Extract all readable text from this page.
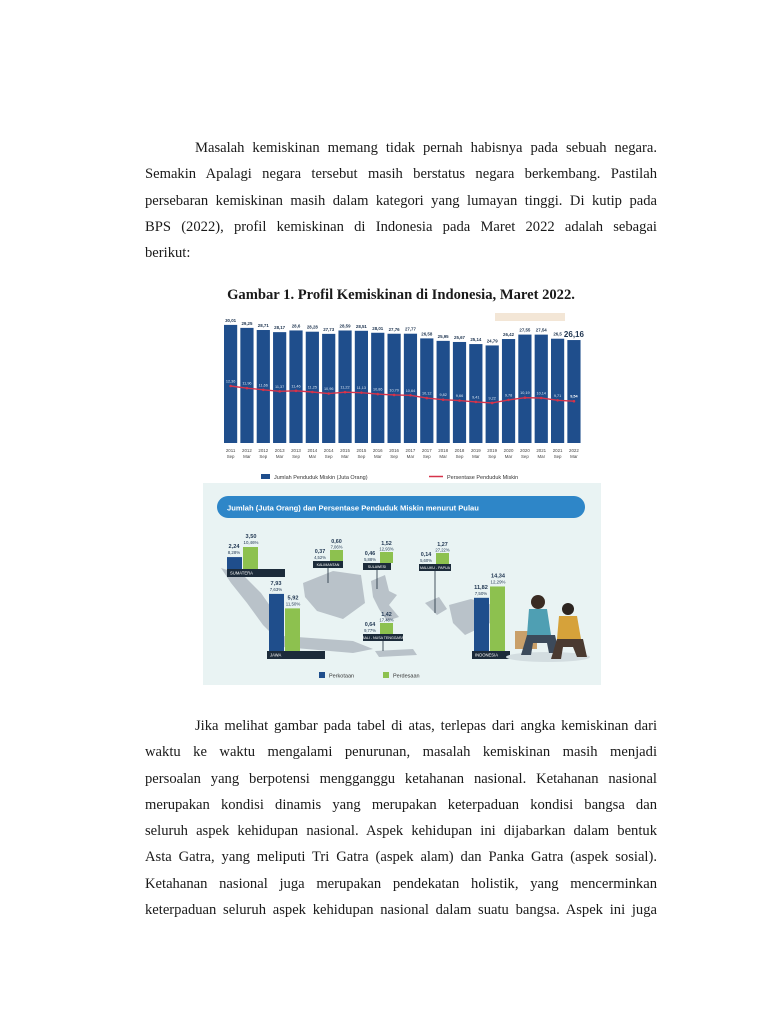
Masalah kemiskinan memang tidak pernah habisnya pada sebuah negara.
Semakin Apalagi negara tersebut masih berstatus negara berkembang. Pastilah
persebaran kemiskinan masih dalam kategori yang lumayan tinggi. Di kutip pada
BPS (2022), profil kemiskinan di Indonesia pada Maret 2022 adalah sebagai
berikut:

Gambar 1. Profil Kemiskinan di Indonesia, Maret 2022.

30,01
29,25 28,71 28,17 28,6 28,28 27,73
28,59 28,51 28,01 27,76 27,77
26,58 25,95 25,67 25,14 24,79
26,42
27,55 27,54
26,5 26,16
12,36
11,96 11,66 11,37 11,46 11,25 10,96 11,22 11,13 10,86 10,70 10,64
10,12 9,82 9,66 9,41 9,22
9,78
10,19 10,14
9,71 9,54
2011
Sep
2012
Mar
2012
Sep
2013
Mar
2013
Sep
2014
Mar
2014
Sep
2015
Mar
2015
Sep
2016
Mar
2016
Sep
2017
Mar
2017
Sep
2018
Mar
2018
Sep
2019
Mar
2019
Sep
2020
Mar
2020
Sep
2021
Mar
2021
Sep
2022
Mar
Jumlah Penduduk Miskin (Juta Orang)	Persentase Penduduk Miskin
Jumlah (Juta Orang) dan Persentase Penduduk Miskin menurut Pulau
2,24
8,28%
3,50
10,46%
SUMATERA
7,93
7,63%
5,92
11,50%
JAWA
11,82
7,50%
14,34
12,29%
INDONESIA
0,37
4,52%
0,60
7,06%
KALIMANTAN
0,46
5,88%
1,52
12,93%
SULAWESI
0,14
5,60%
1,27
27,22%
MALUKU - PAPUA
0,64
9,77%
1,42
17,48%
BALI - NUSA TENGGARA
Perkotaan	Perdesaan
Jika melihat gambar pada tabel di atas, terlepas dari angka kemiskinan dari
waktu ke waktu mengalami penurunan, masalah kemiskinan masih menjadi
persoalan yang berpotensi mengganggu ketahanan nasional. Ketahanan nasional
merupakan kondisi dinamis yang merupakan keterpaduan kondisi bangsa dan
seluruh aspek kehidupan nasional. Aspek kehidupan ini dijabarkan dalam bentuk
Asta Gatra, yang meliputi Tri Gatra (aspek alam) dan Panka Gatra (aspek sosial).
Ketahanan nasional juga merupakan pendekatan holistik, yang mencerminkan
keterpaduan seluruh aspek kehidupan nasional dalam suatu bangsa. Aspek ini juga
